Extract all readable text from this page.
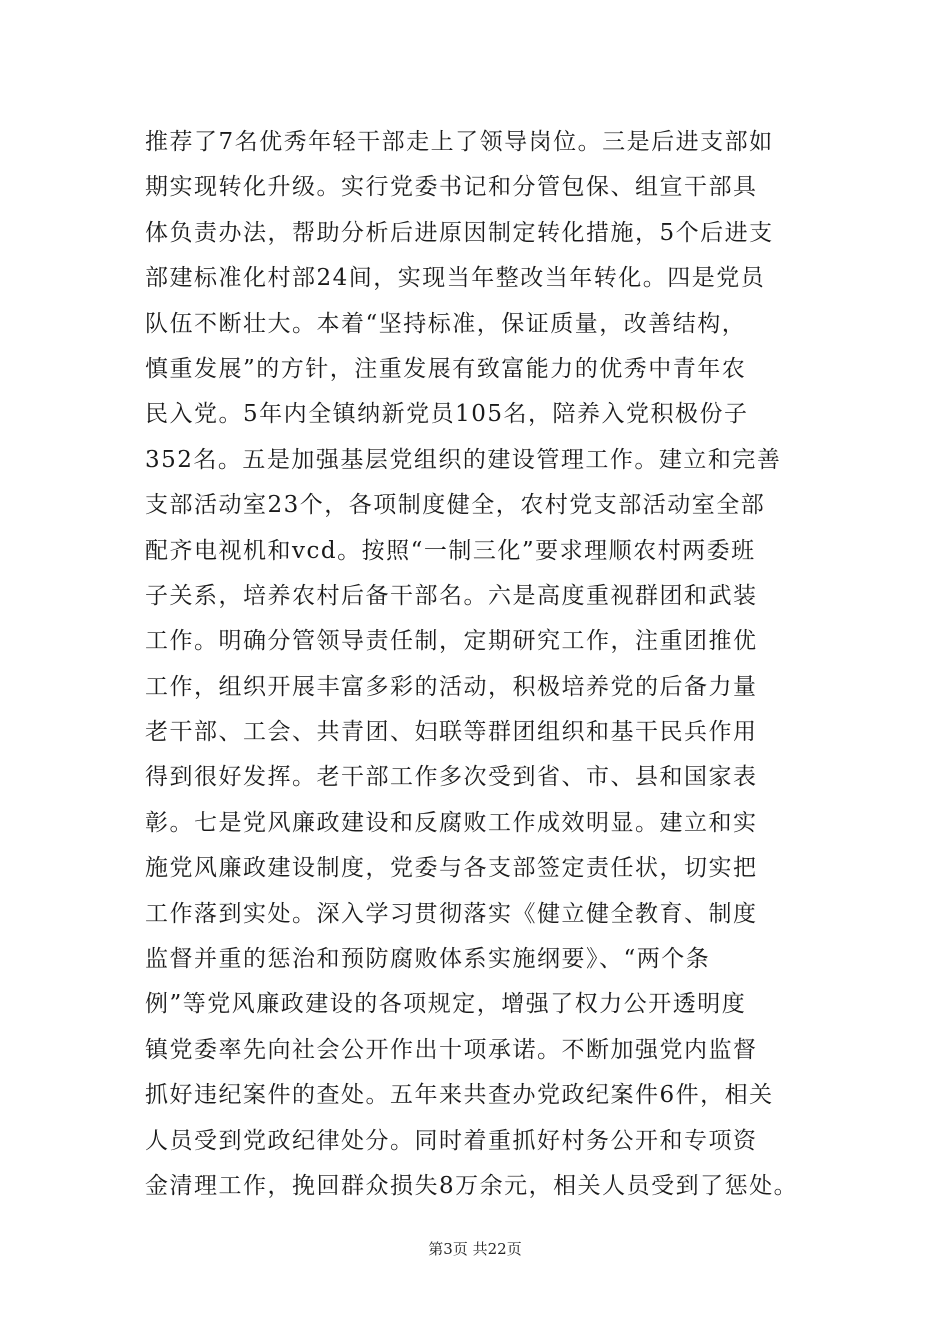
推荐了7名优秀年轻干部走上了领导岗位。三是后进支部如
期实现转化升级。实行党委书记和分管包保、组宣干部具
体负责办法，帮助分析后进原因制定转化措施，5个后进支
部建标准化村部24间，实现当年整改当年转化。四是党员
队伍不断壮大。本着“坚持标准，保证质量，改善结构，
慎重发展”的方针，注重发展有致富能力的优秀中青年农
民入党。5年内全镇纳新党员105名，陪养入党积极份子
352名。五是加强基层党组织的建设管理工作。建立和完善
支部活动室23个，各项制度健全，农村党支部活动室全部
配齐电视机和vcd。按照“一制三化”要求理顺农村两委班
子关系，培养农村后备干部名。六是高度重视群团和武装
工作。明确分管领导责任制，定期研究工作，注重团推优
工作，组织开展丰富多彩的活动，积极培养党的后备力量
老干部、工会、共青团、妇联等群团组织和基干民兵作用
得到很好发挥。老干部工作多次受到省、市、县和国家表
彰。七是党风廉政建设和反腐败工作成效明显。建立和实
施党风廉政建设制度，党委与各支部签定责任状，切实把
工作落到实处。深入学习贯彻落实《健立健全教育、制度
监督并重的惩治和预防腐败体系实施纲要》、“两个条
例”等党风廉政建设的各项规定，增强了权力公开透明度
镇党委率先向社会公开作出十项承诺。不断加强党内监督
抓好违纪案件的查处。五年来共查办党政纪案件6件，相关
人员受到党政纪律处分。同时着重抓好村务公开和专项资
金清理工作，挽回群众损失8万余元，相关人员受到了惩处。
第3页 共22页
